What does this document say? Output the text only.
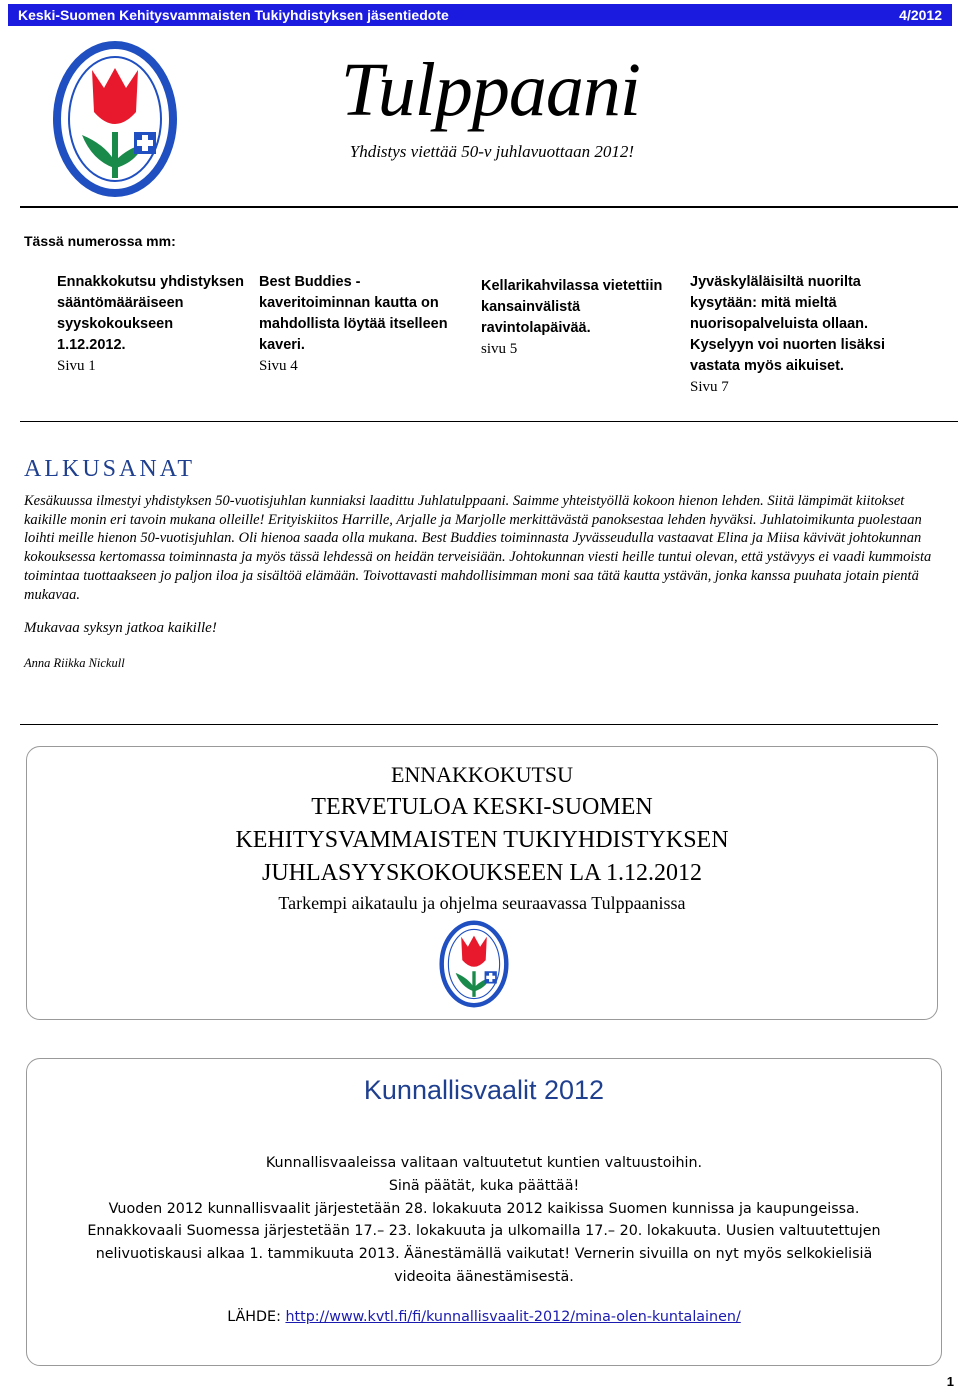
Keski-Suomen Kehitysvammaisten Tukiyhdistyksen jäsentiedote	4/2012
Tulppaani
Yhdistys viettää 50-v juhlavuottaan 2012!
Tässä numerossa mm:
Ennakkokutsu yhdistyksen
sääntömääräiseen
syyskokoukseen
1.12.2012.
Sivu 1
Best Buddies -
kaveritoiminnan kautta on
mahdollista löytää itselleen
kaveri.
Sivu 4
Kellarikahvilassa vietettiin
kansainvälistä
ravintolapäivää.
sivu 5
Jyväskyläläisiltä nuorilta
kysytään: mitä mieltä
nuorisopalveluista ollaan.
Kyselyyn voi nuorten lisäksi
vastata myös aikuiset.
Sivu 7
ALKUSANAT
Kesäkuussa ilmestyi yhdistyksen 50-vuotisjuhlan kunniaksi laadittu Juhlatulppaani. Saimme yhteistyöllä kokoon hienon lehden. Siitä lämpimät kiitokset kaikille monin eri tavoin mukana olleille! Erityiskiitos Harrille, Arjalle ja Marjolle merkittävästä panoksestaa lehden hyväksi. Juhlatoimikunta puolestaan loihti meille hienon 50-vuotisjuhlan. Oli hienoa saada olla mukana. Best Buddies toiminnasta Jyvässeudulla vastaavat Elina ja Miisa kävivät johtokunnan kokouksessa kertomassa toiminnasta ja myös tässä lehdessä on heidän terveisiään. Johtokunnan viesti heille tuntui olevan, että ystävyys ei vaadi kummoista toimintaa tuottaakseen jo paljon iloa ja sisältöä elämään. Toivottavasti mahdollisimman moni saa tätä kautta ystävän, jonka kanssa puuhata jotain pientä mukavaa.
Mukavaa syksyn jatkoa kaikille!
Anna Riikka Nickull
ENNAKKOKUTSU
TERVETULOA KESKI-SUOMEN
KEHITYSVAMMAISTEN TUKIYHDISTYKSEN
JUHLASYYSKOKOUKSEEN LA 1.12.2012
Tarkempi aikataulu ja ohjelma seuraavassa Tulppaanissa
Kunnallisvaalit 2012
Kunnallisvaaleissa valitaan valtuutetut kuntien valtuustoihin.
Sinä päätät, kuka päättää!
Vuoden 2012 kunnallisvaalit järjestetään 28. lokakuuta 2012 kaikissa Suomen kunnissa ja kaupungeissa.
Ennakkovaali Suomessa järjestetään 17.– 23. lokakuuta ja ulkomailla 17.– 20. lokakuuta. Uusien valtuutettujen
nelivuotiskausi alkaa 1. tammikuuta 2013. Äänestämällä vaikutat! Vernerin sivuilla on nyt myös selkokielisiä
videoita äänestämisestä.
LÄHDE: http://www.kvtl.fi/fi/kunnallisvaalit-2012/mina-olen-kuntalainen/
1
